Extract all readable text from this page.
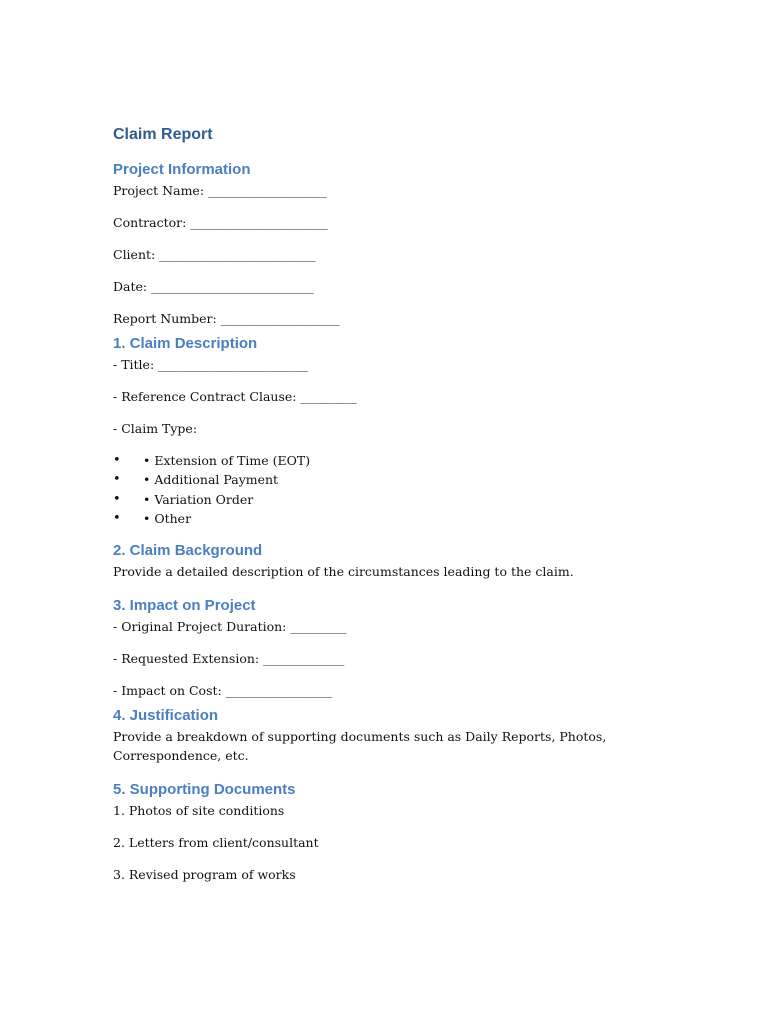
Claim Report
Project Information

Project Name: ___________________

Contractor: ______________________

Client: _________________________

Date: __________________________

Report Number: ___________________

1. Claim Description

- Title: ________________________

- Reference Contract Clause: _________

- Claim Type:

• • Extension of Time (EOT)
• • Additional Payment
• • Variation Order
• • Other
2. Claim Background

Provide a detailed description of the circumstances leading to the claim.

3. Impact on Project

- Original Project Duration: _________

- Requested Extension: _____________

- Impact on Cost: _________________

4. Justification

Provide a breakdown of supporting documents such as Daily Reports, Photos,

Correspondence, etc.

5. Supporting Documents

1. Photos of site conditions

2. Letters from client/consultant

3. Revised program of works
